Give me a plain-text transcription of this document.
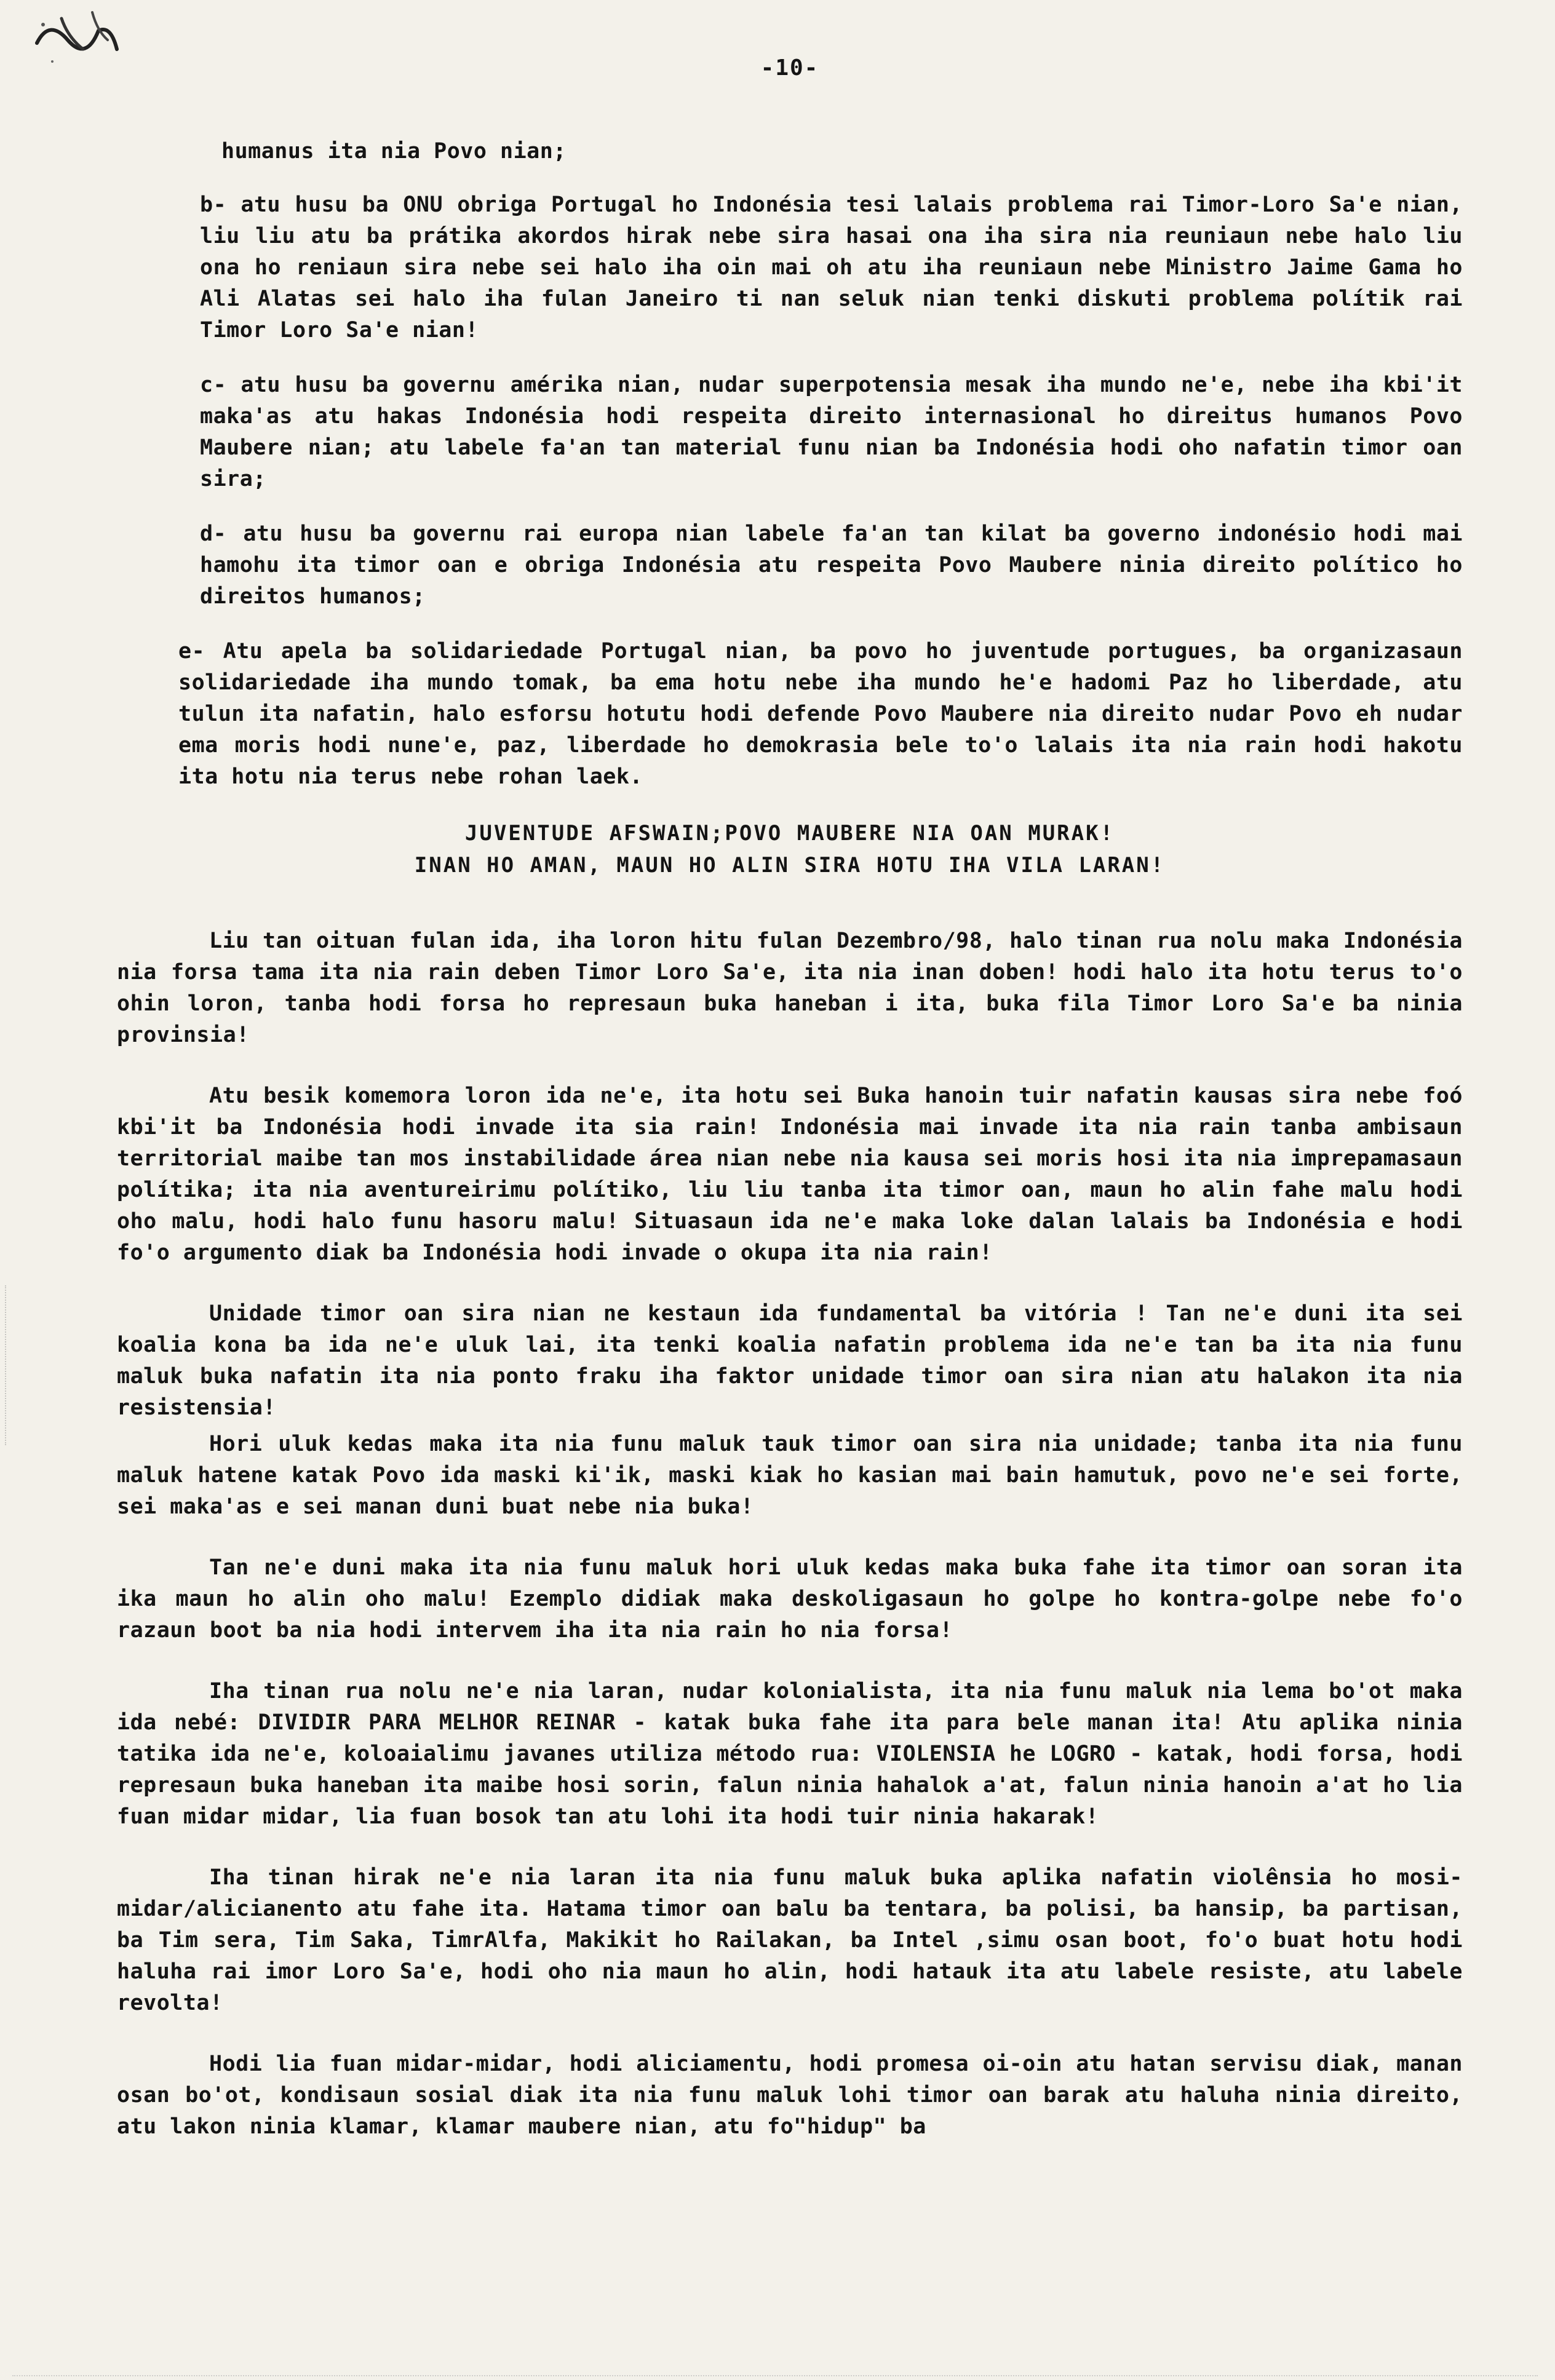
-10-

humanus ita nia Povo nian;

b- atu husu ba ONU obriga Portugal ho Indonésia tesi lalais problema rai Timor-Loro Sa'e nian, liu liu atu ba prátika akordos hirak nebe sira hasai ona iha sira nia reuniaun nebe halo liu ona ho reniaun sira nebe sei halo iha oin mai oh atu iha reuniaun nebe Ministro Jaime Gama ho Ali Alatas sei halo iha fulan Janeiro ti nan seluk nian tenki diskuti problema polítik rai Timor Loro Sa'e nian!

c- atu husu ba governu amérika nian, nudar superpotensia mesak iha mundo ne'e, nebe iha kbi'it maka'as atu hakas Indonésia hodi respeita direito internasional ho direitus humanos Povo Maubere nian; atu labele fa'an tan material funu nian ba Indonésia hodi oho nafatin timor oan sira;

d- atu husu ba governu rai europa nian labele fa'an tan kilat ba governo indonésio hodi mai hamohu ita timor oan e obriga Indonésia atu respeita Povo Maubere ninia direito político ho direitos humanos;

e- Atu apela ba solidariedade Portugal nian, ba povo ho juventude portugues, ba organizasaun solidariedade iha mundo tomak, ba ema hotu nebe iha mundo he'e hadomi Paz ho liberdade, atu tulun ita nafatin, halo esforsu hotutu hodi defende Povo Maubere nia direito nudar Povo eh nudar ema moris hodi nune'e, paz, liberdade ho demokrasia bele to'o lalais ita nia rain hodi hakotu ita hotu nia terus nebe rohan laek.

JUVENTUDE AFSWAIN;POVO MAUBERE NIA OAN MURAK!
INAN HO AMAN, MAUN HO ALIN SIRA HOTU IHA VILA LARAN!

Liu tan oituan fulan ida, iha loron hitu fulan Dezembro/98, halo tinan rua nolu maka Indonésia nia forsa tama ita nia rain deben Timor Loro Sa'e, ita nia inan doben! hodi halo ita hotu terus to'o ohin loron, tanba hodi forsa ho represaun buka haneban i ita, buka fila Timor Loro Sa'e ba ninia provinsia!

Atu besik komemora loron ida ne'e, ita hotu sei Buka hanoin tuir nafatin kausas sira nebe foó kbi'it ba Indonésia hodi invade ita sia rain! Indonésia mai invade ita nia rain tanba ambisaun territorial maibe tan mos instabilidade área nian nebe nia kausa sei moris hosi ita nia imprepamasaun polítika; ita nia aventureirimu polítiko, liu liu tanba ita timor oan, maun ho alin fahe malu hodi oho malu, hodi halo funu hasoru malu! Situasaun ida ne'e maka loke dalan lalais ba Indonésia e hodi fo'o argumento diak ba Indonésia hodi invade o okupa ita nia rain!

Unidade timor oan sira nian ne kestaun ida fundamental ba vitória ! Tan ne'e duni ita sei koalia kona ba ida ne'e uluk lai, ita tenki koalia nafatin problema ida ne'e tan ba ita nia funu maluk buka nafatin ita nia ponto fraku iha faktor unidade timor oan sira nian atu halakon ita nia resistensia!

Hori uluk kedas maka ita nia funu maluk tauk timor oan sira nia unidade; tanba ita nia funu maluk hatene katak Povo ida maski ki'ik, maski kiak ho kasian mai bain hamutuk, povo ne'e sei forte, sei maka'as e sei manan duni buat nebe nia buka!

Tan ne'e duni maka ita nia funu maluk hori uluk kedas maka buka fahe ita timor oan soran ita ika maun ho alin oho malu! Ezemplo didiak maka deskoligasaun ho golpe ho kontra-golpe nebe fo'o razaun boot ba nia hodi intervem iha ita nia rain ho nia forsa!

Iha tinan rua nolu ne'e nia laran, nudar kolonialista, ita nia funu maluk nia lema bo'ot maka ida nebé: DIVIDIR PARA MELHOR REINAR - katak buka fahe ita para bele manan ita! Atu aplika ninia tatika ida ne'e, koloaialimu javanes utiliza método rua: VIOLENSIA he LOGRO - katak, hodi forsa, hodi represaun buka haneban ita maibe hosi sorin, falun ninia hahalok a'at, falun ninia hanoin a'at ho lia fuan midar midar, lia fuan bosok tan atu lohi ita hodi tuir ninia hakarak!

Iha tinan hirak ne'e nia laran ita nia funu maluk buka aplika nafatin violênsia ho mosi-midar/alicianento atu fahe ita. Hatama timor oan balu ba tentara, ba polisi, ba hansip, ba partisan, ba Tim sera, Tim Saka, TimrAlfa, Makikit ho Railakan, ba Intel ,simu osan boot, fo'o buat hotu hodi haluha rai imor Loro Sa'e, hodi oho nia maun ho alin, hodi hatauk ita atu labele resiste, atu labele revolta!

Hodi lia fuan midar-midar, hodi aliciamentu, hodi promesa oi-oin atu hatan servisu diak, manan osan bo'ot, kondisaun sosial diak ita nia funu maluk lohi timor oan barak atu haluha ninia direito, atu lakon ninia klamar, klamar maubere nian, atu fo"hidup" ba
